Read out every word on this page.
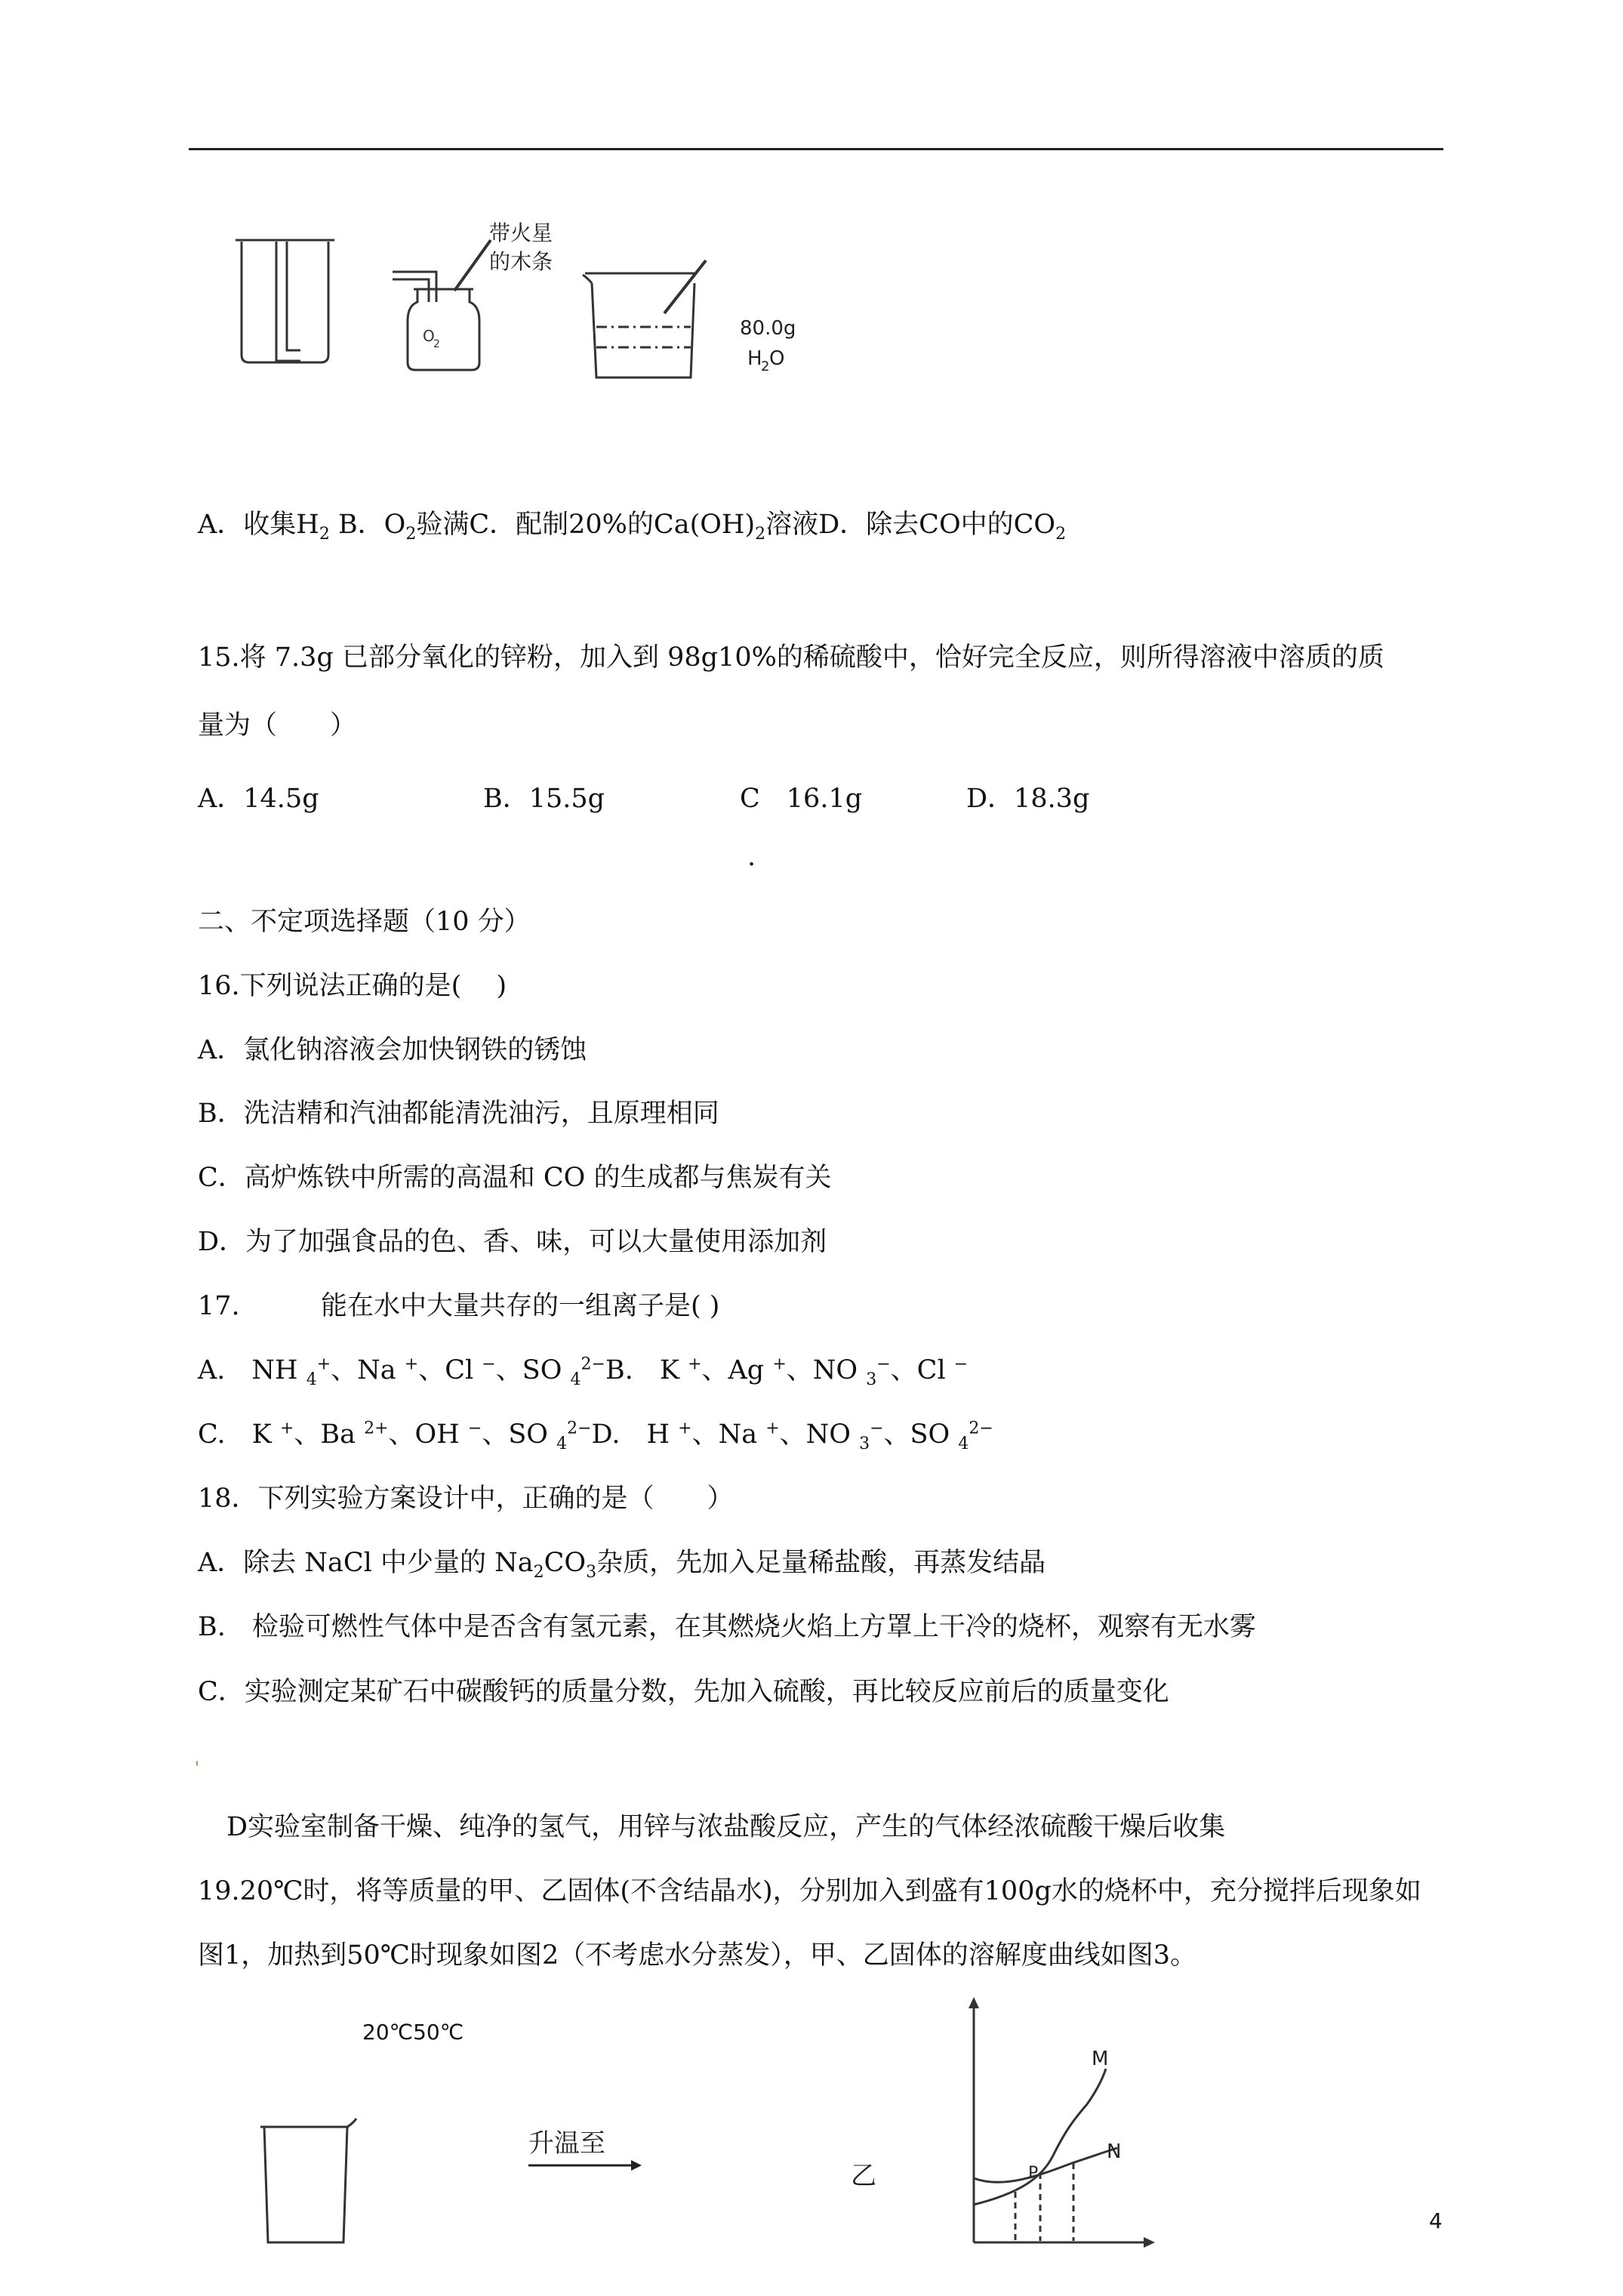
O
2
带火星
的木条
80.0g
H
2 O
A．收集$H_2$ B．$O_2$验满C．配制20%的$Ca(OH)_2$溶液D．除去CO中的$CO_2$
15.将 7.3g 已部分氧化的锌粉，加入到 98g10%的稀硫酸中，恰好完全反应，则所得溶液中溶质的质
量为（　　）
A．14.5g	B．15.5g	C　16.1g	D．18.3g
.
二、不定项选择题（10 分）
16.下列说法正确的是(　 )
A．氯化钠溶液会加快钢铁的锈蚀
B．洗洁精和汽油都能清洗油污，且原理相同
C．高炉炼铁中所需的高温和 CO 的生成都与焦炭有关
D．为了加强食品的色、香、味，可以大量使用添加剂
17.	能在水中大量共存的一组离子是( )
A.　NH $_4$+、Na +、Cl −、SO $_4^{2-}$B.　K +、Ag +、NO $_3$−、Cl −
C.　K +、Ba $^{2+}$、OH −、SO $_4^{2-}$D.　H +、Na +、NO $_3$−、SO $_4^{2-}$
18．下列实验方案设计中，正确的是（　　）
A．除去 NaCl 中少量的 $Na_2CO_3$杂质，先加入足量稀盐酸，再蒸发结晶
B.　检验可燃性气体中是否含有氢元素，在其燃烧火焰上方罩上干冷的烧杯，观察有无水雾
C．实验测定某矿石中碳酸钙的质量分数，先加入硫酸，再比较反应前后的质量变化
'
D实验室制备干燥、纯净的氢气，用锌与浓盐酸反应，产生的气体经浓硫酸干燥后收集
19.20℃时，将等质量的甲、乙固体(不含结晶水)，分别加入到盛有100g水的烧杯中，充分搅拌后现象如
图1，加热到50℃时现象如图2（不考虑水分蒸发），甲、乙固体的溶解度曲线如图3。
20℃50℃
升温至
乙
M
N
P
4
